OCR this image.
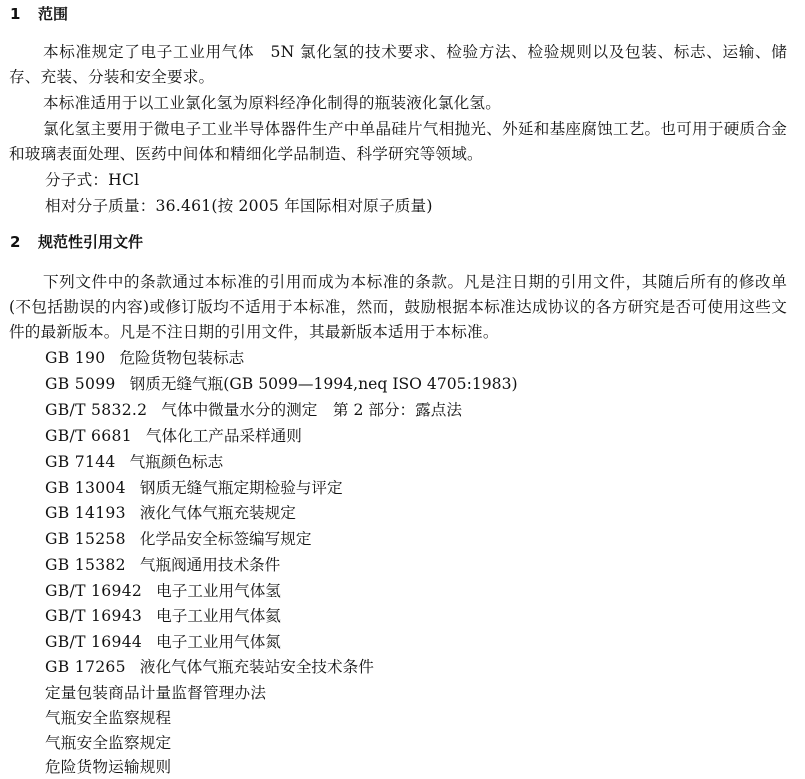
1 范围
本标准规定了电子工业用气体　5N 氯化氢的技术要求、检验方法、检验规则以及包装、标志、运输、储存、充装、分装和安全要求。
本标准适用于以工业氯化氢为原料经净化制得的瓶装液化氯化氢。
氯化氢主要用于微电子工业半导体器件生产中单晶硅片气相抛光、外延和基座腐蚀工艺。也可用于硬质合金和玻璃表面处理、医药中间体和精细化学品制造、科学研究等领域。
分子式：HCl
相对分子质量：36.461(按 2005 年国际相对原子质量)
2 规范性引用文件
下列文件中的条款通过本标准的引用而成为本标准的条款。凡是注日期的引用文件，其随后所有的修改单(不包括勘误的内容)或修订版均不适用于本标准，然而，鼓励根据本标准达成协议的各方研究是否可使用这些文件的最新版本。凡是不注日期的引用文件，其最新版本适用于本标准。
GB 190 危险货物包装标志
GB 5099 钢质无缝气瓶(GB 5099—1994,neq ISO 4705:1983)
GB/T 5832.2 气体中微量水分的测定　第 2 部分：露点法
GB/T 6681 气体化工产品采样通则
GB 7144 气瓶颜色标志
GB 13004 钢质无缝气瓶定期检验与评定
GB 14193 液化气体气瓶充装规定
GB 15258 化学品安全标签编写规定
GB 15382 气瓶阀通用技术条件
GB/T 16942 电子工业用气体氢
GB/T 16943 电子工业用气体氦
GB/T 16944 电子工业用气体氮
GB 17265 液化气体气瓶充装站安全技术条件
定量包装商品计量监督管理办法
气瓶安全监察规程
气瓶安全监察规定
危险货物运输规则
